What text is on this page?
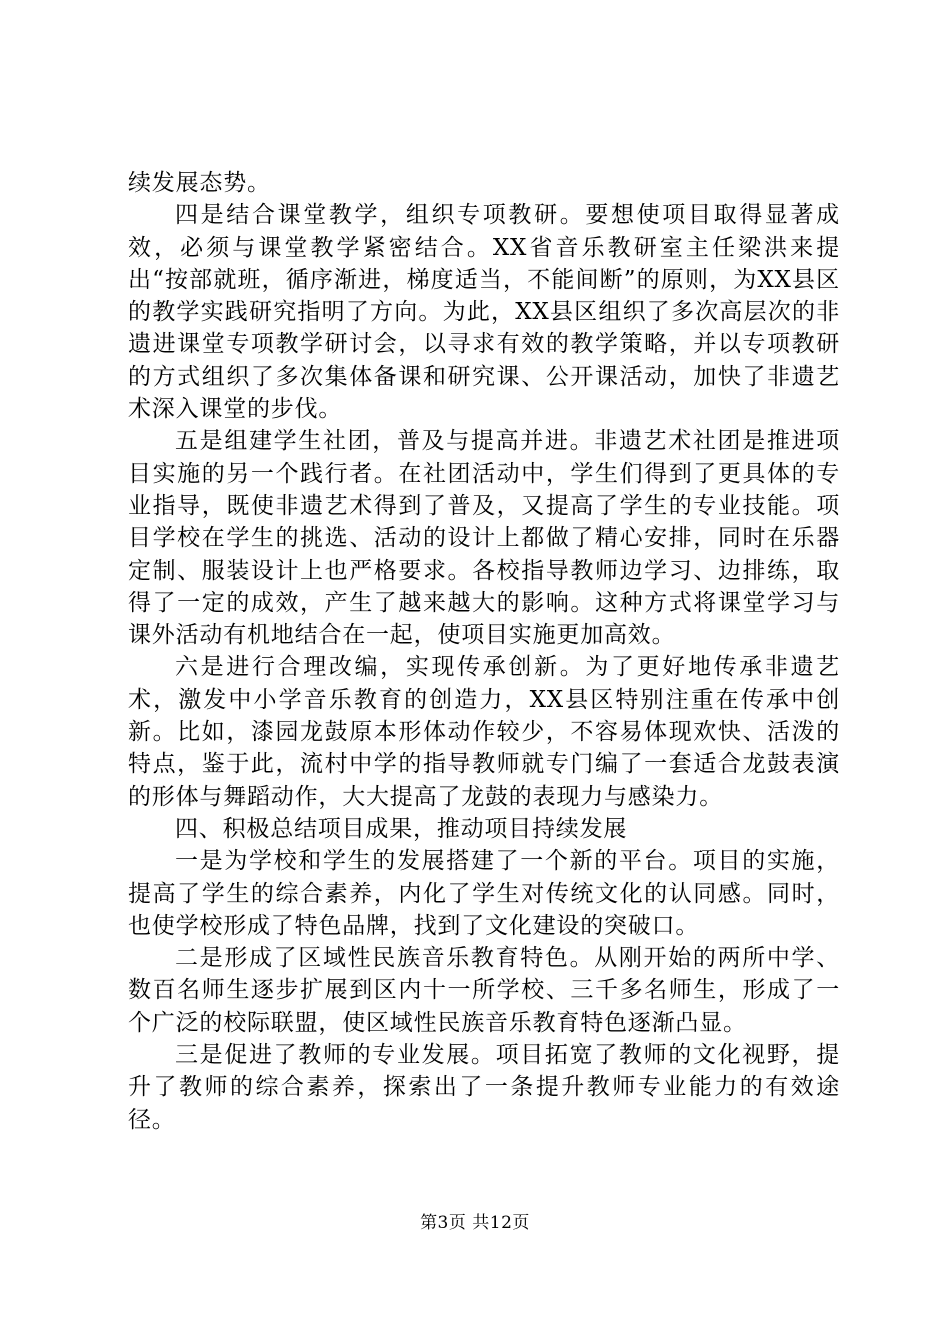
续发展态势。

四是结合课堂教学，组织专项教研。要想使项目取得显著成效，必须与课堂教学紧密结合。XX省音乐教研室主任梁洪来提出“按部就班，循序渐进，梯度适当，不能间断”的原则，为XX县区的教学实践研究指明了方向。为此，XX县区组织了多次高层次的非遗进课堂专项教学研讨会，以寻求有效的教学策略，并以专项教研的方式组织了多次集体备课和研究课、公开课活动，加快了非遗艺术深入课堂的步伐。

五是组建学生社团，普及与提高并进。非遗艺术社团是推进项目实施的另一个践行者。在社团活动中，学生们得到了更具体的专业指导，既使非遗艺术得到了普及，又提高了学生的专业技能。项目学校在学生的挑选、活动的设计上都做了精心安排，同时在乐器定制、服装设计上也严格要求。各校指导教师边学习、边排练，取得了一定的成效，产生了越来越大的影响。这种方式将课堂学习与课外活动有机地结合在一起，使项目实施更加高效。

六是进行合理改编，实现传承创新。为了更好地传承非遗艺术，激发中小学音乐教育的创造力，XX县区特别注重在传承中创新。比如，漆园龙鼓原本形体动作较少，不容易体现欢快、活泼的特点，鉴于此，流村中学的指导教师就专门编了一套适合龙鼓表演的形体与舞蹈动作，大大提高了龙鼓的表现力与感染力。

四、积极总结项目成果，推动项目持续发展

一是为学校和学生的发展搭建了一个新的平台。项目的实施，提高了学生的综合素养，内化了学生对传统文化的认同感。同时，也使学校形成了特色品牌，找到了文化建设的突破口。

二是形成了区域性民族音乐教育特色。从刚开始的两所中学、数百名师生逐步扩展到区内十一所学校、三千多名师生，形成了一个广泛的校际联盟，使区域性民族音乐教育特色逐渐凸显。

三是促进了教师的专业发展。项目拓宽了教师的文化视野，提升了教师的综合素养，探索出了一条提升教师专业能力的有效途径。

第3页 共12页
